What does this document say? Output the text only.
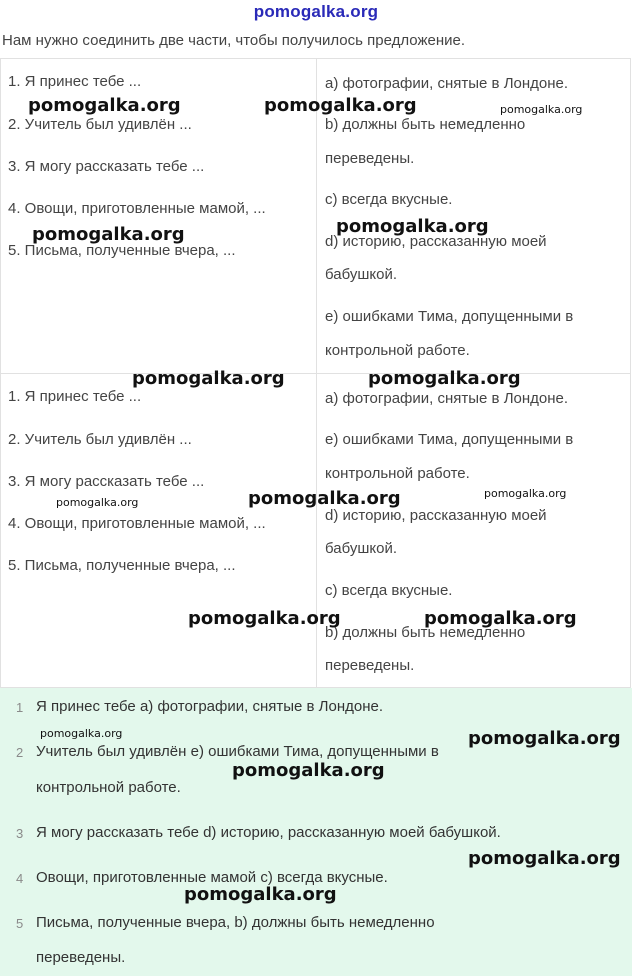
pomogalka.org
Нам нужно соединить две части, чтобы получилось предложение.
1. Я принес тебе ...
2. Учитель был удивлён ...
3. Я могу рассказать тебе ...
4. Овощи, приготовленные мамой, ...
5. Письма, полученные вчера, ...
a) фотографии, снятые в Лондоне.
b) должны быть немедленно
переведены.
c) всегда вкусные.
d) историю, рассказанную моей
бабушкой.
e) ошибками Тима, допущенными в
контрольной работе.
1. Я принес тебе ...
2. Учитель был удивлён ...
3. Я могу рассказать тебе ...
4. Овощи, приготовленные мамой, ...
5. Письма, полученные вчера, ...
a) фотографии, снятые в Лондоне.
e) ошибками Тима, допущенными в
контрольной работе.
d) историю, рассказанную моей
бабушкой.
c) всегда вкусные.
b) должны быть немедленно
переведены.
1 Я принес тебе a) фотографии, снятые в Лондоне.
2 Учитель был удивлён e) ошибками Тима, допущенными в
контрольной работе.
3 Я могу рассказать тебе d) историю, рассказанную моей бабушкой.
4 Овощи, приготовленные мамой c) всегда вкусные.
5 Письма, полученные вчера, b) должны быть немедленно
переведены.
pomogalka.org	pomogalka.org	pomogalka.org
pomogalka.org
pomogalka.org
pomogalka.org	pomogalka.org
pomogalka.org
pomogalka.org
pomogalka.org
pomogalka.org	pomogalka.org
pomogalka.org	pomogalka.org
pomogalka.org
pomogalka.org
pomogalka.org
